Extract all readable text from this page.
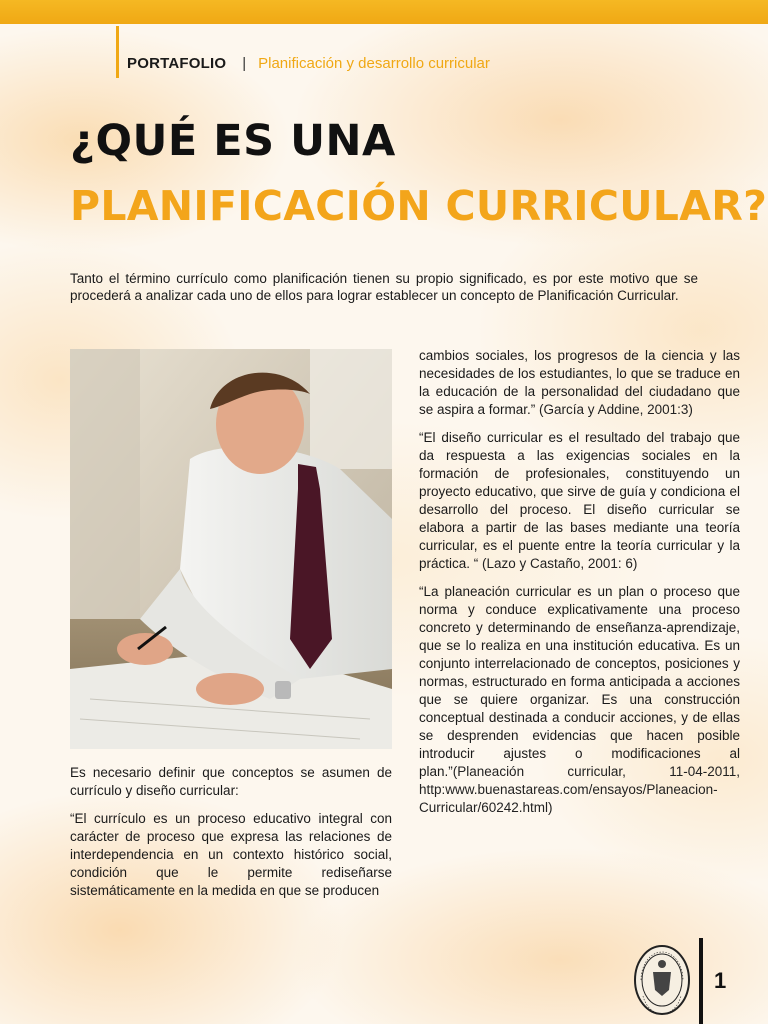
PORTAFOLIO | Planificación y desarrollo curricular
¿QUÉ ES UNA
PLANIFICACIÓN CURRICULAR?

Tanto el término currículo como planificación tienen su propio significado, es por este motivo que se procederá a analizar cada uno de ellos para lograr establecer un concepto de Planificación Curricular.

Es necesario definir que conceptos se asumen de currículo y diseño curricular:

“El currículo es un proceso educativo integral con carácter de proceso que expresa las relaciones de interdependencia en un contexto histórico social, condición que le permite rediseñarse sistemáticamente en la medida en que se producen

cambios sociales, los progresos de la ciencia y las necesidades de los estudiantes, lo que se traduce en la educación de la personalidad del ciudadano que se aspira a formar.” (García y Addine, 2001:3)

“El diseño curricular es el resultado del trabajo que da respuesta a las exigencias sociales en la formación de profesionales, constituyendo un proyecto educativo, que sirve de guía y condiciona el desarrollo del proceso. El diseño curricular se elabora a partir de las bases mediante una teoría curricular, es el puente entre la teoría curricular y la práctica. “ (Lazo y Castaño, 2001: 6)

“La planeación curricular es un plan o proceso que norma y conduce explicativamente una proceso concreto y determinando de enseñanza-aprendizaje, que se lo realiza en una institución educativa. Es un conjunto interrelacionado de conceptos, posiciones y normas, estructurado en forma anticipada a acciones que se quiere organizar. Es una construcción conceptual destinada a conducir acciones, y de ellas se desprenden evidencias que hacen posible introducir ajustes o modificaciones al plan.”(Planeación curricular, 11-04-2011, http:www.buenastareas.com/ensayos/Planeacion-Curricular/60242.html)

1
